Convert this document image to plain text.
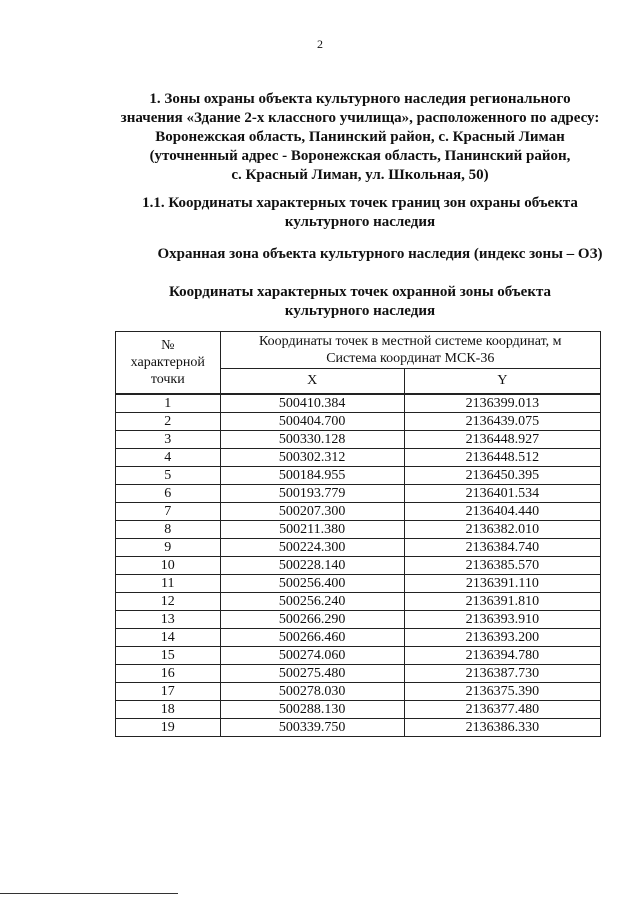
2
1. Зоны охраны объекта культурного наследия регионального
значения «Здание 2-х классного училища», расположенного по адресу:
Воронежская область, Панинский район, с. Красный Лиман
(уточненный адрес - Воронежская область, Панинский район,
с. Красный Лиман, ул. Школьная, 50)
1.1. Координаты характерных точек границ зон охраны объекта
культурного наследия
Охранная зона объекта культурного наследия (индекс зоны – ОЗ)
Координаты характерных точек охранной зоны объекта
культурного наследия
№
характерной
точки	Координаты точек в местной системе координат, м
Система координат МСК-36	

	X	Y
1	500410.384	2136399.013
2	500404.700	2136439.075
3	500330.128	2136448.927
4	500302.312	2136448.512
5	500184.955	2136450.395
6	500193.779	2136401.534
7	500207.300	2136404.440
8	500211.380	2136382.010
9	500224.300	2136384.740
10	500228.140	2136385.570
11	500256.400	2136391.110
12	500256.240	2136391.810
13	500266.290	2136393.910
14	500266.460	2136393.200
15	500274.060	2136394.780
16	500275.480	2136387.730
17	500278.030	2136375.390
18	500288.130	2136377.480
19	500339.750	2136386.330
